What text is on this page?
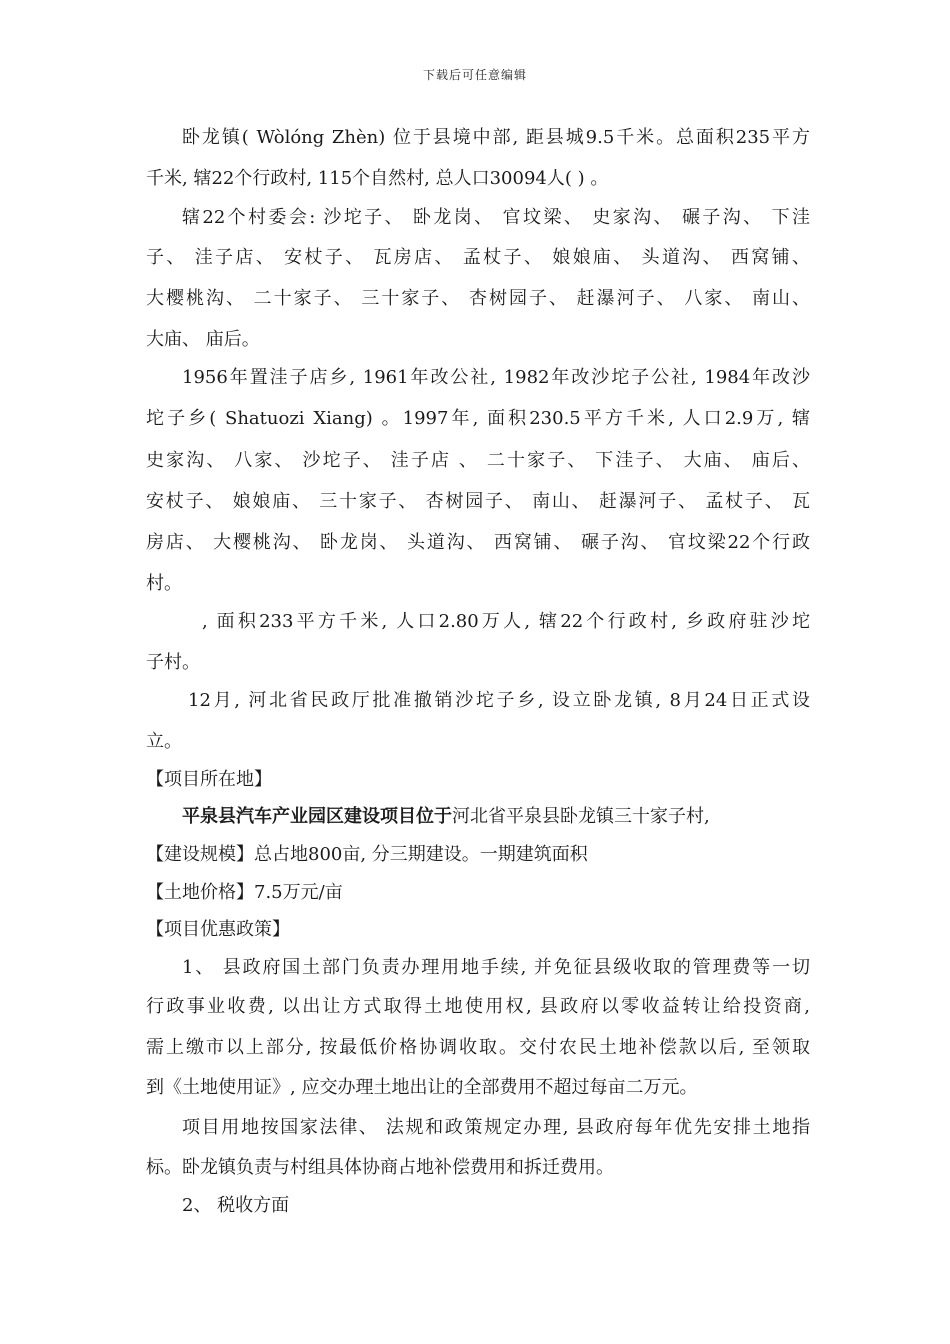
下载后可任意编辑
卧龙镇( Wòlóng Zhèn) 位于县境中部, 距县城9.5千米。总面积235平方
千米, 辖22个行政村, 115个自然村, 总人口30094人( ) 。
辖22个村委会: 沙坨子、 卧龙岗、 官坟梁、 史家沟、 碾子沟、 下洼
子、 洼子店、 安杖子、 瓦房店、 孟杖子、 娘娘庙、 头道沟、 西窝铺、
大樱桃沟、 二十家子、 三十家子、 杏树园子、 赶瀑河子、 八家、 南山、
大庙、 庙后。
1956年置洼子店乡, 1961年改公社, 1982年改沙坨子公社, 1984年改沙
坨子乡( Shatuozi Xiang) 。1997年, 面积230.5平方千米, 人口2.9万, 辖
史家沟、 八家、 沙坨子、 洼子店 、 二十家子、 下洼子、 大庙、 庙后、
安杖子、 娘娘庙、 三十家子、 杏树园子、 南山、 赶瀑河子、 孟杖子、 瓦
房店、 大樱桃沟、 卧龙岗、 头道沟、 西窝铺、 碾子沟、 官坟梁22个行政
村。
, 面积233平方千米, 人口2.80万人, 辖22个行政村, 乡政府驻沙坨
子村。
12月, 河北省民政厅批准撤销沙坨子乡, 设立卧龙镇, 8月24日正式设
立。
【项目所在地】
平泉县汽车产业园区建设项目位于河北省平泉县卧龙镇三十家子村,
【建设规模】总占地800亩, 分三期建设。一期建筑面积
【土地价格】7.5万元/亩
【项目优惠政策】
1、 县政府国土部门负责办理用地手续, 并免征县级收取的管理费等一切
行政事业收费, 以出让方式取得土地使用权, 县政府以零收益转让给投资商,
需上缴市以上部分, 按最低价格协调收取。交付农民土地补偿款以后, 至领取
到《土地使用证》, 应交办理土地出让的全部费用不超过每亩二万元。
项目用地按国家法律、 法规和政策规定办理, 县政府每年优先安排土地指
标。卧龙镇负责与村组具体协商占地补偿费用和拆迁费用。
2、 税收方面
